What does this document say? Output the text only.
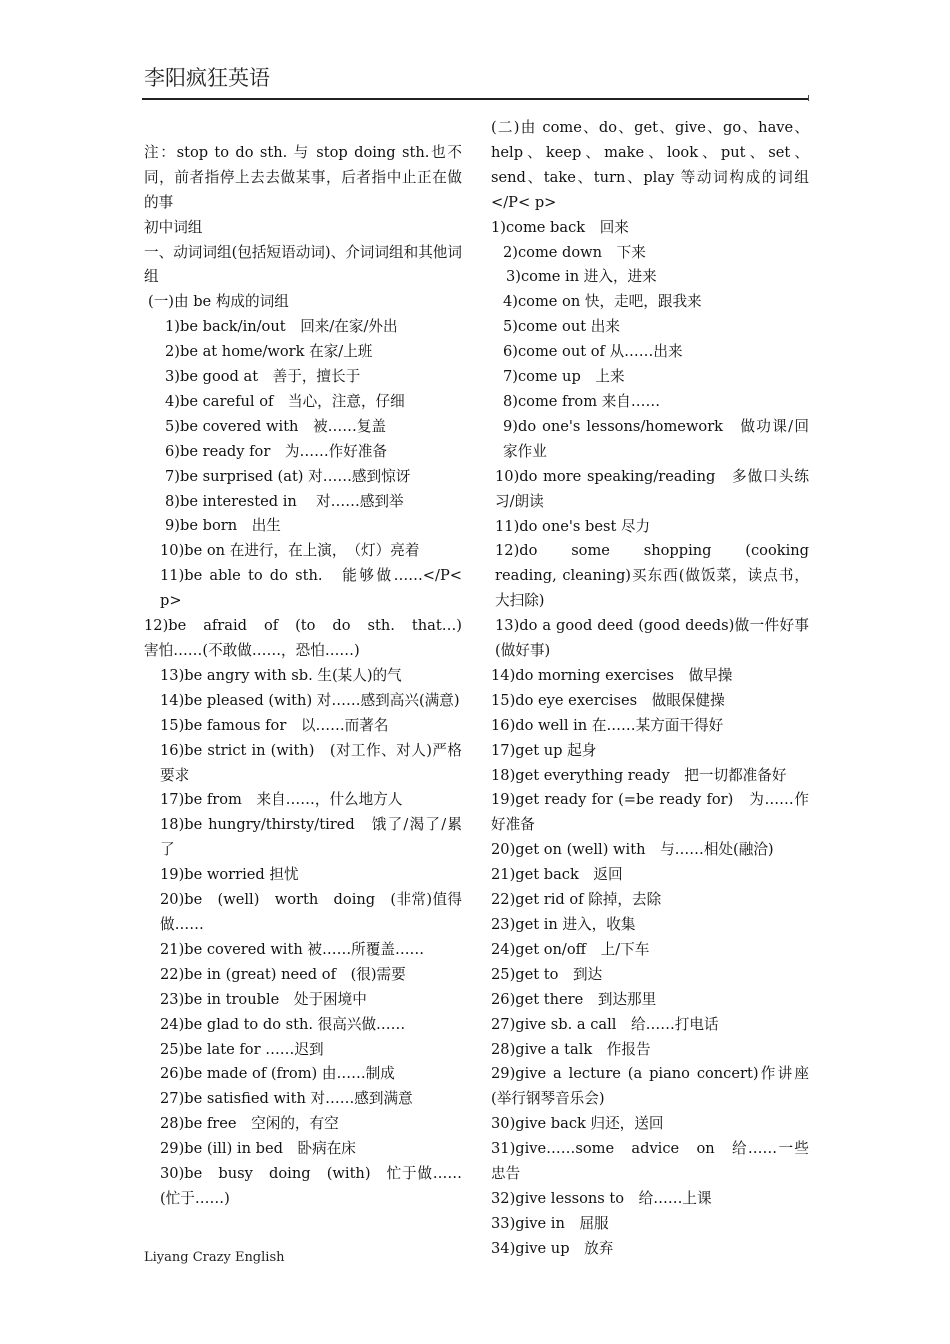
李阳疯狂英语

注：stop to do sth. 与 stop doing sth.也不同，前者指停上去去做某事，后者指中止正在做的事

初中词组

一、动词词组(包括短语动词)、介词词组和其他词组

(一)由 be 构成的词组

1)be back/in/out　回来/在家/外出

2)be at home/work 在家/上班

3)be good at　善于，擅长于

4)be careful of　当心，注意，仔细

5)be covered with　被……复盖

6)be ready for　为……作好准备

7)be surprised (at) 对……感到惊讶

8)be interested in　 对……感到举

9)be born　出生

10)be on 在进行，在上演，　（灯）亮着

11)be able to do sth.　能够做……</P< p>

12)be　afraid　of　(to　do　sth.　that…)　害怕……(不敢做……，恐怕……)

13)be angry with sb. 生(某人)的气

14)be pleased (with) 对……感到高兴(满意)

15)be famous for　以……而著名

16)be strict in (with)　(对工作、对人)严格要求

17)be from　来自……，什么地方人

18)be hungry/thirsty/tired　饿了/渴了/累了

19)be worried 担忧

20)be　(well)　worth　doing　(非常)值得做……

21)be covered with 被……所覆盖……

22)be in (great) need of　(很)需要

23)be in trouble　处于困境中

24)be glad to do sth. 很高兴做……

25)be late for ……迟到

26)be made of (from) 由……制成

27)be satisfied with 对……感到满意

28)be free　空闲的，有空

29)be (ill) in bed　卧病在床

30)be　busy　doing　(with)　忙于做……(忙于……)

(二)由 come、do、get、give、go、have、help、keep、make、look、put、set、send、take、turn、play 等动词构成的词组</P< p>

1)come back　回来

2)come down　下来

3)come in 进入，进来

4)come on 快，走吧，跟我来

5)come out 出来

6)come out of 从……出来

7)come up　上来

8)come from 来自……

9)do one's lessons/homework　做功课/回家作业

10)do more speaking/reading　多做口头练习/朗读

11)do one's best 尽力

12)do　some　shopping　(cooking　reading, cleaning)买东西(做饭菜，读点书，大扫除)

13)do a good deed (good deeds)做一件好事(做好事)

14)do morning exercises　做早操

15)do eye exercises　做眼保健操

16)do well in 在……某方面干得好

17)get up 起身

18)get everything ready　把一切都准备好

19)get ready for (=be ready for)　为……作好准备

20)get on (well) with　与……相处(融洽)

21)get back　返回

22)get rid of 除掉，去除

23)get in 进入，收集

24)get on/off　上/下车

25)get to　到达

26)get there　到达那里

27)give sb. a call　给……打电话

28)give a talk　作报告

29)give a lecture (a piano concert)作讲座(举行钢琴音乐会)

30)give back 归还，送回

31)give……some　advice　on　给……一些忠告

32)give lessons to　给……上课

33)give in　屈服

34)give up　放弃

Liyang Crazy English
